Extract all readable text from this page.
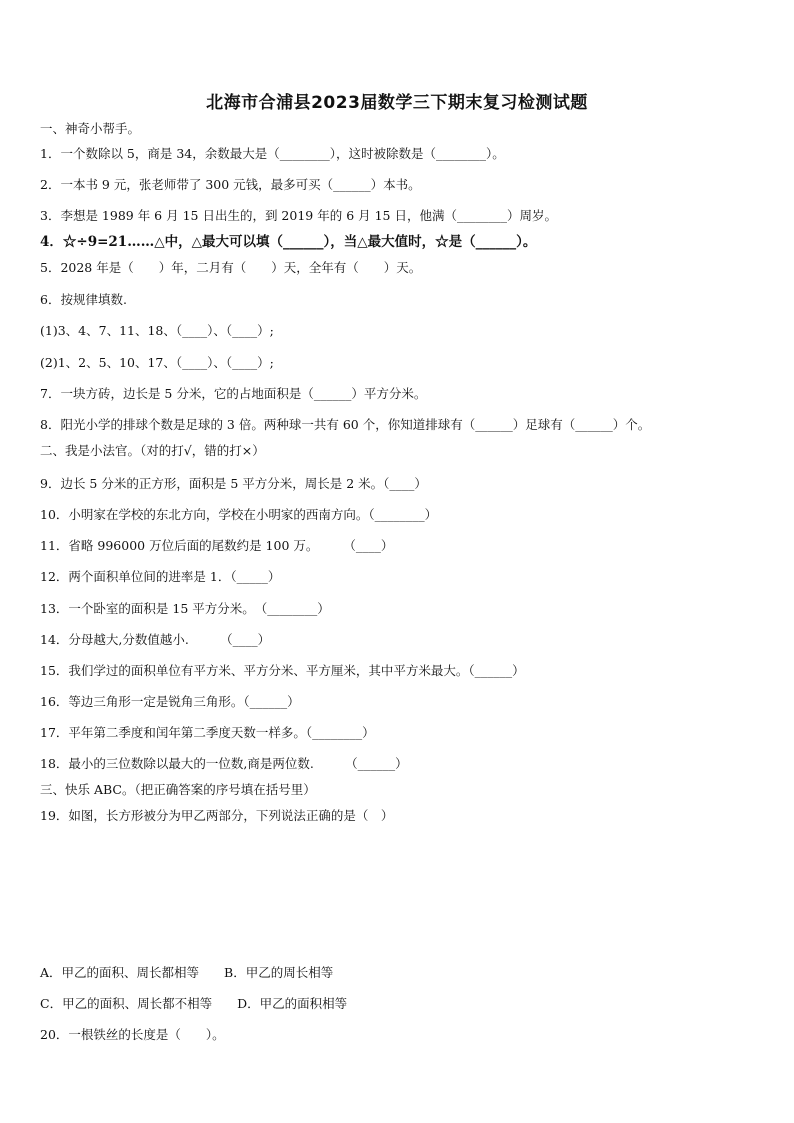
北海市合浦县2023届数学三下期末复习检测试题
一、神奇小帮手。
1．一个数除以 5，商是 34，余数最大是（________），这时被除数是（________）。
2．一本书 9 元，张老师带了 300 元钱，最多可买（______）本书。
3．李想是 1989 年 6 月 15 日出生的，到 2019 年的 6 月 15 日，他满（________）周岁。
4．☆÷9=21……△中，△最大可以填（______），当△最大值时，☆是（______）。
5．2028 年是（　　）年，二月有（　　）天，全年有（　　）天。
6．按规律填数.
(1)3、4、7、11、18、（____）、（____）;
(2)1、2、5、10、17、（____）、（____）;
7．一块方砖，边长是 5 分米，它的占地面积是（______）平方分米。
8．阳光小学的排球个数是足球的 3 倍。两种球一共有 60 个，你知道排球有（______）足球有（______）个。
二、我是小法官。（对的打√，错的打×）
9．边长 5 分米的正方形，面积是 5 平方分米，周长是 2 米。（____）
10．小明家在学校的东北方向，学校在小明家的西南方向。（________）
11．省略 996000 万位后面的尾数约是 100 万。　　　（____）
12．两个面积单位间的进率是 1．（_____）
13．一个卧室的面积是 15 平方分米。　（________）
14．分母越大,分数值越小.　　　（____）
15．我们学过的面积单位有平方米、平方分米、平方厘米，其中平方米最大。（______）
16．等边三角形一定是锐角三角形。（______）
17．平年第二季度和闰年第二季度天数一样多。（________）
18．最小的三位数除以最大的一位数,商是两位数.　　　（______）
三、快乐 ABC。（把正确答案的序号填在括号里）
19．如图，长方形被分为甲乙两部分，下列说法正确的是（　）
A．甲乙的面积、周长都相等　　B．甲乙的周长相等
C．甲乙的面积、周长都不相等　　D．甲乙的面积相等
20．一根铁丝的长度是（　　）。
